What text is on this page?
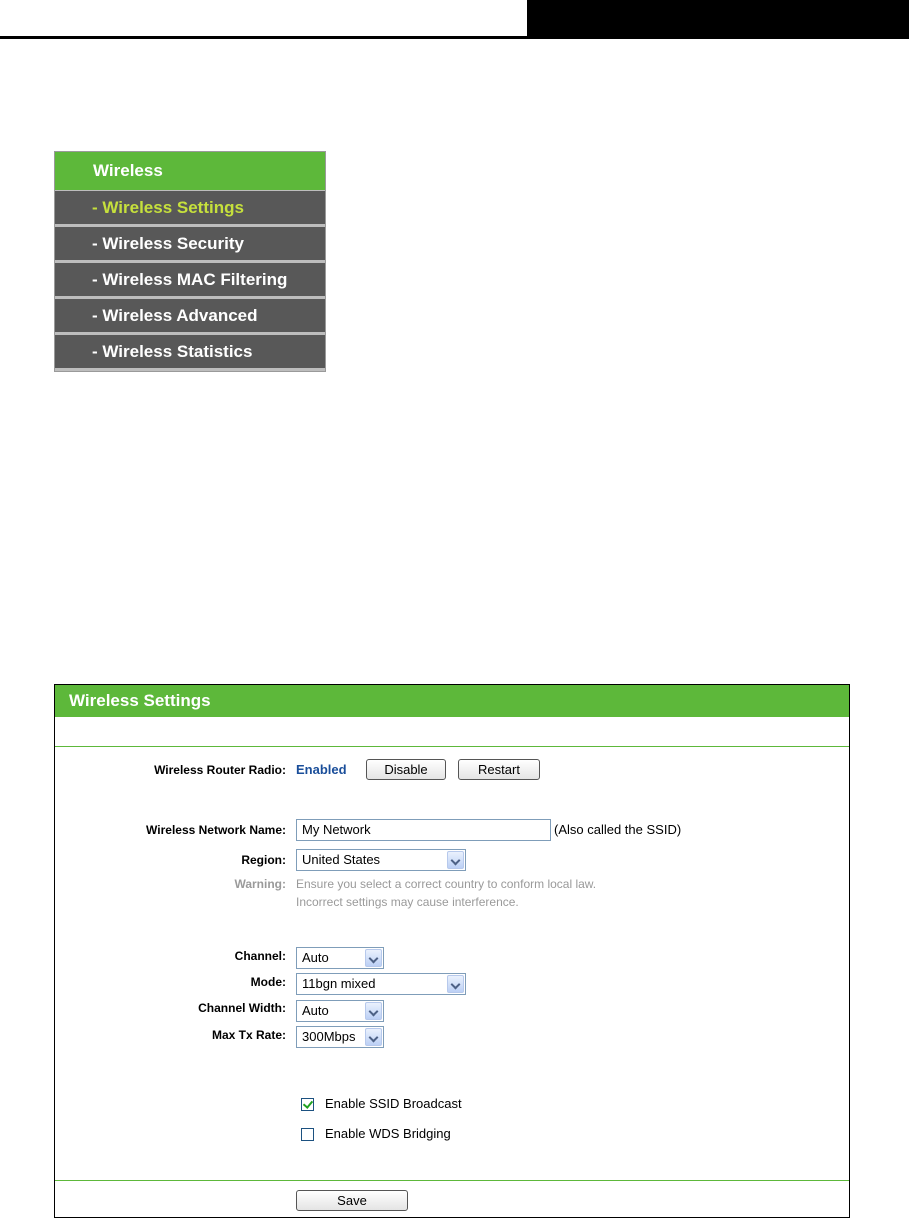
Wireless
- Wireless Settings
- Wireless Security
- Wireless MAC Filtering
- Wireless Advanced
- Wireless Statistics
Wireless Settings
Wireless Router Radio: Enabled	Disable	Restart
Wireless Network Name:	My Network	(Also called the SSID)
Region:	United States
Warning: Ensure you select a correct country to conform local law.
Incorrect settings may cause interference.
Channel:	Auto
Mode:	11bgn mixed
Channel Width:	Auto
Max Tx Rate:	300Mbps
Enable SSID Broadcast
Enable WDS Bridging
Save
